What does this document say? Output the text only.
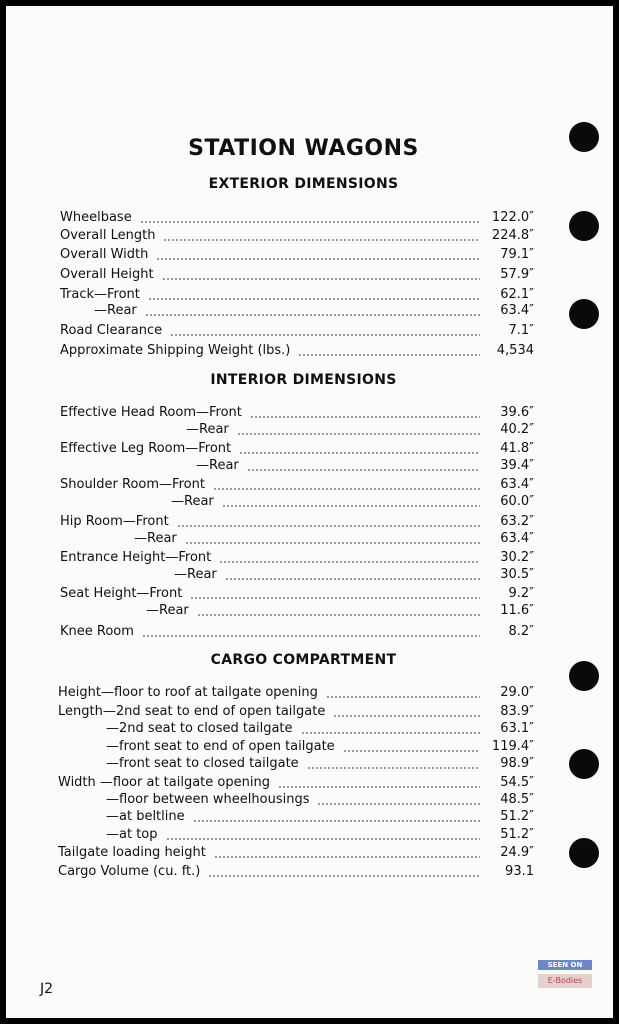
STATION WAGONS
EXTERIOR DIMENSIONS
Wheelbase	122.0″
Overall Length	224.8″
Overall Width	79.1″
Overall Height	57.9″
Track—Front	62.1″
—Rear	63.4″
Road Clearance	7.1″
Approximate Shipping Weight (lbs.)	4,534
INTERIOR DIMENSIONS
Effective Head Room—Front	39.6″
—Rear	40.2″
Effective Leg Room—Front	41.8″
—Rear	39.4″
Shoulder Room—Front	63.4″
—Rear	60.0″
Hip Room—Front	63.2″
—Rear	63.4″
Entrance Height—Front	30.2″
—Rear	30.5″
Seat Height—Front	9.2″
—Rear	11.6″
Knee Room	8.2″
CARGO COMPARTMENT
Height—floor to roof at tailgate opening	29.0″
Length—2nd seat to end of open tailgate	83.9″
—2nd seat to closed tailgate	63.1″
—front seat to end of open tailgate	119.4″
—front seat to closed tailgate	98.9″
Width —floor at tailgate opening	54.5″
—floor between wheelhousings	48.5″
—at beltline	51.2″
—at top	51.2″
Tailgate loading height	24.9″
Cargo Volume (cu. ft.)	93.1
J2
SEEN ON
E-Bodies
